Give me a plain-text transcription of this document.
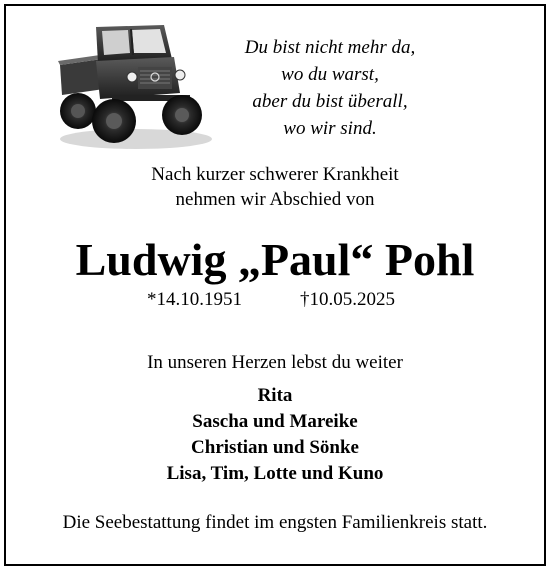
Du bist nicht mehr da,
wo du warst,
aber du bist überall,
wo wir sind.
Nach kurzer schwerer Krankheit
nehmen wir Abschied von
Ludwig „Paul“ Pohl
*14.10.1951	†10.05.2025
In unseren Herzen lebst du weiter
Rita
Sascha und Mareike
Christian und Sönke
Lisa, Tim, Lotte und Kuno
Die Seebestattung findet im engsten Familienkreis statt.
